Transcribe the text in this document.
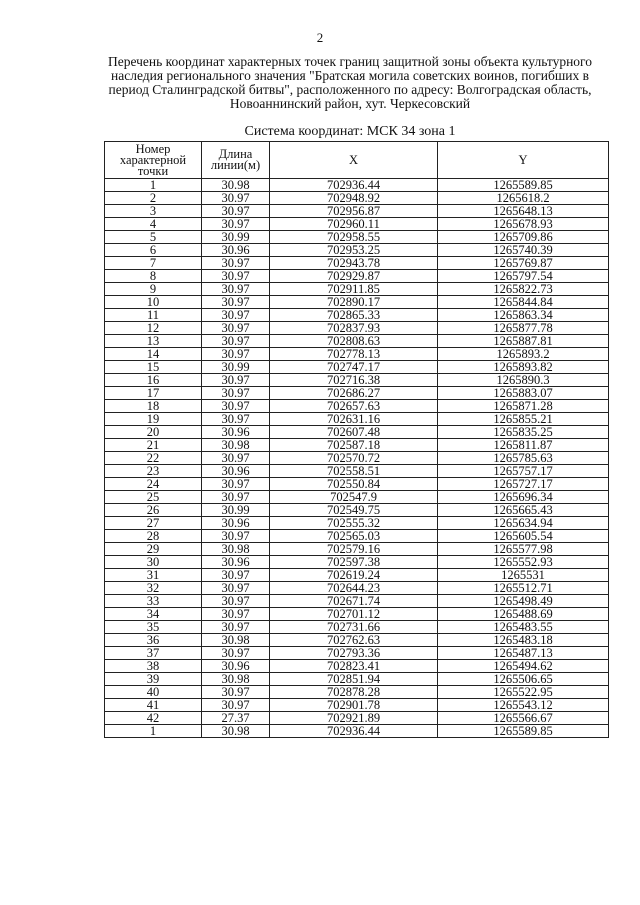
2
Перечень координат характерных точек границ защитной зоны объекта культурного наследия регионального значения "Братская могила советских воинов, погибших в период Сталинградской битвы", расположенного по адресу: Волгоградская область, Новоаннинский район, хут. Черкесовский
Система координат: МСК 34 зона 1
Номер характерной точки	Длина линии(м)	X	Y
1	30.98	702936.44	1265589.85
2	30.97	702948.92	1265618.2
3	30.97	702956.87	1265648.13
4	30.97	702960.11	1265678.93
5	30.99	702958.55	1265709.86
6	30.96	702953.25	1265740.39
7	30.97	702943.78	1265769.87
8	30.97	702929.87	1265797.54
9	30.97	702911.85	1265822.73
10	30.97	702890.17	1265844.84
11	30.97	702865.33	1265863.34
12	30.97	702837.93	1265877.78
13	30.97	702808.63	1265887.81
14	30.97	702778.13	1265893.2
15	30.99	702747.17	1265893.82
16	30.97	702716.38	1265890.3
17	30.97	702686.27	1265883.07
18	30.97	702657.63	1265871.28
19	30.97	702631.16	1265855.21
20	30.96	702607.48	1265835.25
21	30.98	702587.18	1265811.87
22	30.97	702570.72	1265785.63
23	30.96	702558.51	1265757.17
24	30.97	702550.84	1265727.17
25	30.97	702547.9	1265696.34
26	30.99	702549.75	1265665.43
27	30.96	702555.32	1265634.94
28	30.97	702565.03	1265605.54
29	30.98	702579.16	1265577.98
30	30.96	702597.38	1265552.93
31	30.97	702619.24	1265531
32	30.97	702644.23	1265512.71
33	30.97	702671.74	1265498.49
34	30.97	702701.12	1265488.69
35	30.97	702731.66	1265483.55
36	30.98	702762.63	1265483.18
37	30.97	702793.36	1265487.13
38	30.96	702823.41	1265494.62
39	30.98	702851.94	1265506.65
40	30.97	702878.28	1265522.95
41	30.97	702901.78	1265543.12
42	27.37	702921.89	1265566.67
1	30.98	702936.44	1265589.85
